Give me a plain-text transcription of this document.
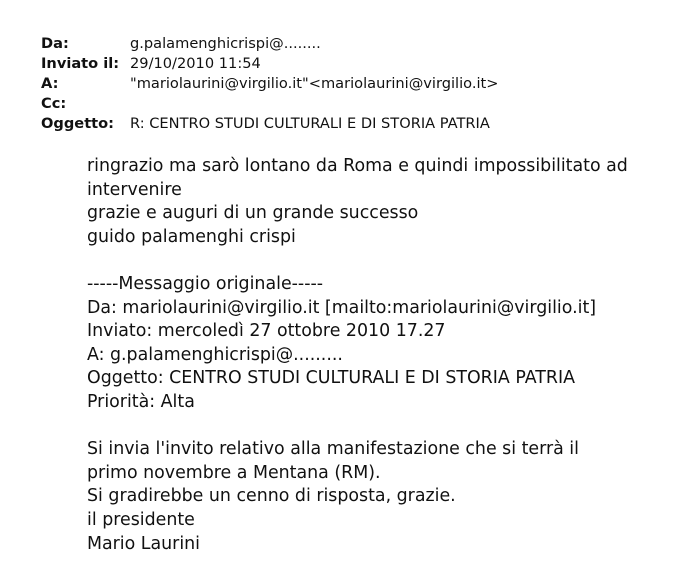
Da:	g.palamenghicrispi@........
Inviato il: 29/10/2010 11:54
A:	"mariolaurini@virgilio.it"<mariolaurini@virgilio.it>
Cc:
Oggetto: R: CENTRO STUDI CULTURALI E DI STORIA PATRIA
ringrazio ma sarò lontano da Roma e quindi impossibilitato ad
intervenire
grazie e auguri di un grande successo
guido palamenghi crispi
-----Messaggio originale-----
Da: mariolaurini@virgilio.it [mailto:mariolaurini@virgilio.it]
Inviato: mercoledì 27 ottobre 2010 17.27
A: g.palamenghicrispi@.........
Oggetto: CENTRO STUDI CULTURALI E DI STORIA PATRIA
Priorità: Alta
Si invia l'invito relativo alla manifestazione che si terrà il
primo novembre a Mentana (RM).
Si gradirebbe un cenno di risposta, grazie.
il presidente
Mario Laurini
